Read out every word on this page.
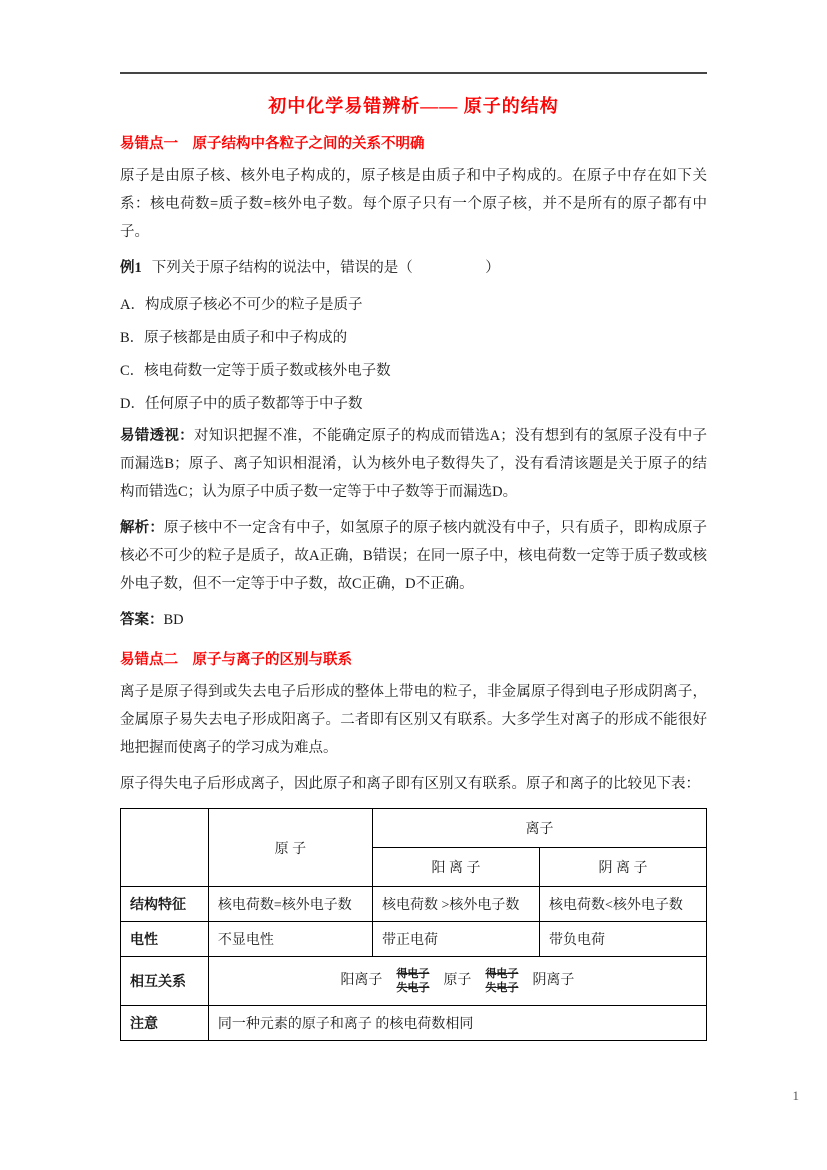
初中化学易错辨析—— 原子的结构
易错点一　原子结构中各粒子之间的关系不明确

原子是由原子核、核外电子构成的，原子核是由质子和中子构成的。在原子中存在如下关系：核电荷数=质子数=核外电子数。每个原子只有一个原子核，并不是所有的原子都有中子。

例1 下列关于原子结构的说法中，错误的是（　　　　　）

A．构成原子核必不可少的粒子是质子
B．原子核都是由质子和中子构成的
C．核电荷数一定等于质子数或核外电子数
D．任何原子中的质子数都等于中子数

易错透视：对知识把握不准，不能确定原子的构成而错选A；没有想到有的氢原子没有中子而漏选B；原子、离子知识相混淆，认为核外电子数得失了，没有看清该题是关于原子的结构而错选C；认为原子中质子数一定等于中子数等于而漏选D。

解析：原子核中不一定含有中子，如氢原子的原子核内就没有中子，只有质子，即构成原子核必不可少的粒子是质子，故A正确，B错误；在同一原子中，核电荷数一定等于质子数或核外电子数，但不一定等于中子数，故C正确，D不正确。

答案：BD

易错点二　原子与离子的区别与联系

离子是原子得到或失去电子后形成的整体上带电的粒子，非金属原子得到电子形成阴离子，金属原子易失去电子形成阳离子。二者即有区别又有联系。大多学生对离子的形成不能很好地把握而使离子的学习成为难点。

原子得失电子后形成离子，因此原子和离子即有区别又有联系。原子和离子的比较见下表：

	原 子	离子	
		阳 离 子	阴 离 子
结构特征	核电荷数=核外电子数	核电荷数 >核外电子数	核电荷数<核外电子数
电性	不显电性	带正电荷	带负电荷
相互关系	阳离子 得电子
失电子 原子 得电子
失电子 阴离子
注意	同一种元素的原子和离子 的核电荷数相同		
1
